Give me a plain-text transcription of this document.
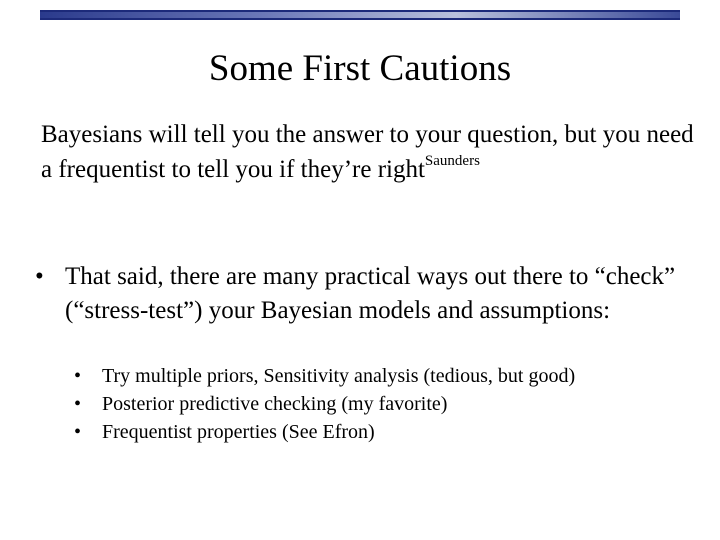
Some First Cautions
Bayesians will tell you the answer to your question, but you need a frequentist to tell you if they’re right$^{Saunders}$
• That said, there are many practical ways out there to “check” (“stress-test”) your Bayesian models and assumptions:
• Try multiple priors, Sensitivity analysis (tedious, but good)
• Posterior predictive checking (my favorite)
• Frequentist properties (See Efron)
